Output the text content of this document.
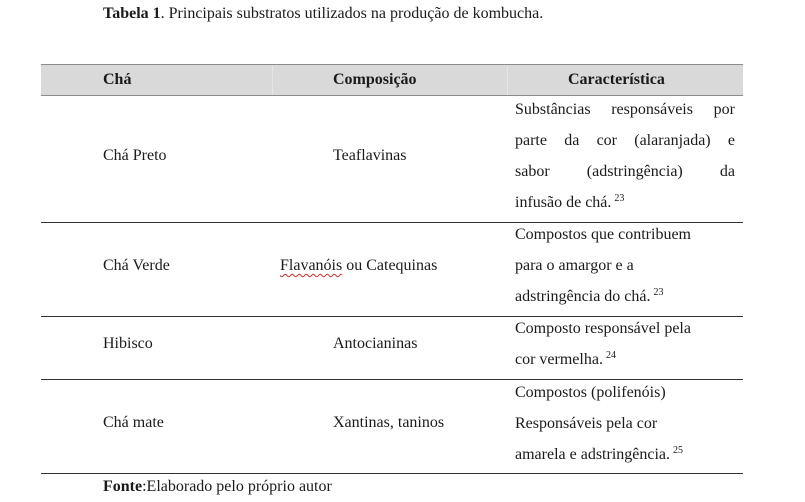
Tabela 1. Principais substratos utilizados na produção de kombucha.
Chá	Composição	Característica
Chá Preto	Teaflavinas
Substâncias responsáveis por
parte da cor (alaranjada) e
sabor (adstringência) da
infusão de chá. $^{23}$
Chá Verde	Flavanóis ou Catequinas
Compostos que contribuem
para o amargor e a
adstringência do chá. $^{23}$
Hibisco	Antocianinas
Composto responsável pela
cor vermelha. $^{24}$
Chá mate	Xantinas, taninos
Compostos (polifenóis)
Responsáveis pela cor
amarela e adstringência. $^{25}$
Fonte:Elaborado pelo próprio autor
